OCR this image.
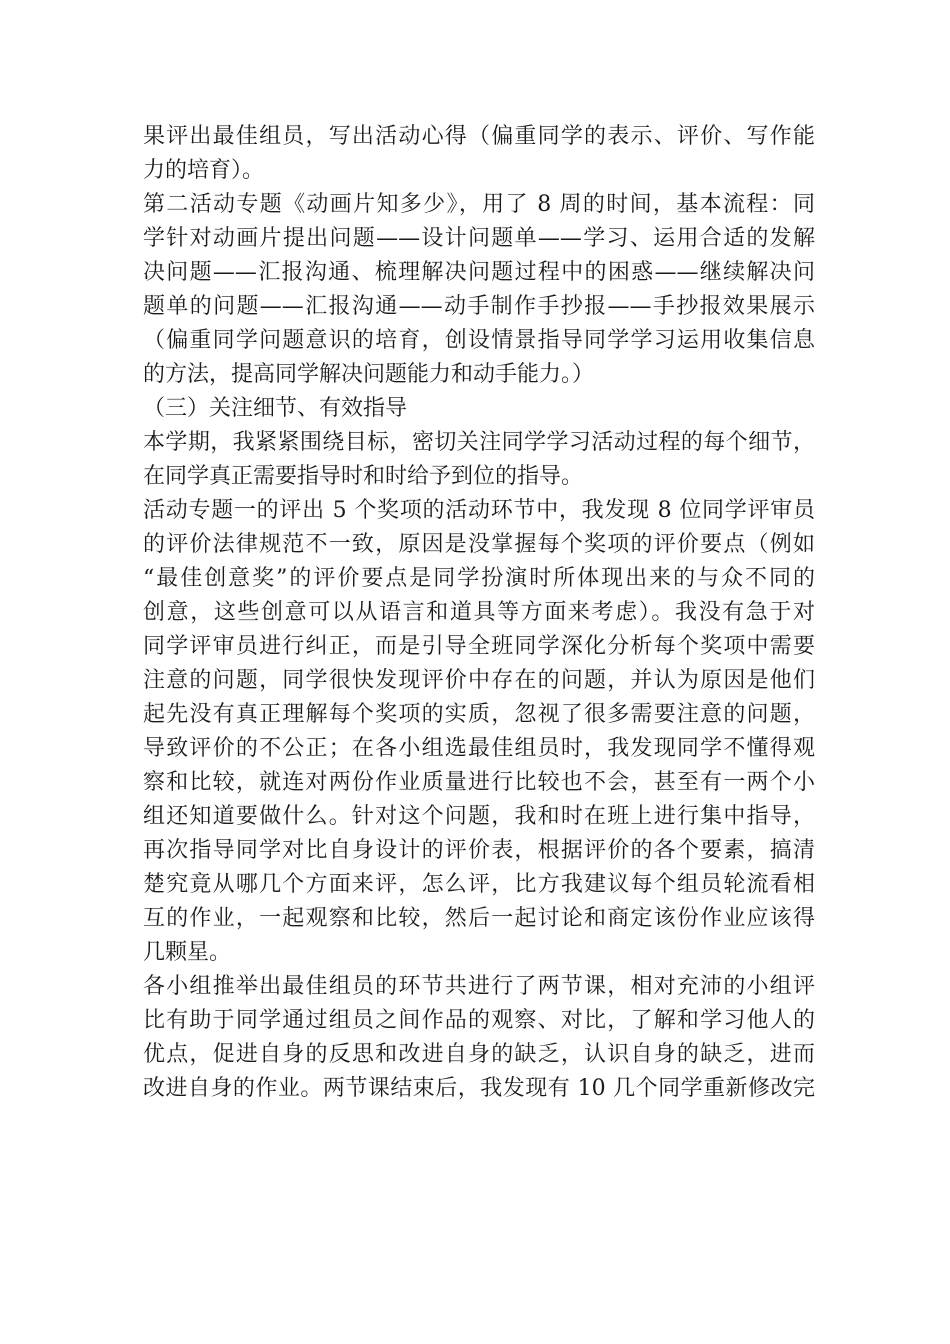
果评出最佳组员，写出活动心得（偏重同学的表示、评价、写作能
力的培育）。
第二活动专题《动画片知多少》，用了 8 周的时间，基本流程：同
学针对动画片提出问题——设计问题单——学习、运用合适的发解
决问题——汇报沟通、梳理解决问题过程中的困惑——继续解决问
题单的问题——汇报沟通——动手制作手抄报——手抄报效果展示
（偏重同学问题意识的培育，创设情景指导同学学习运用收集信息
的方法，提高同学解决问题能力和动手能力。）
（三）关注细节、有效指导
本学期，我紧紧围绕目标，密切关注同学学习活动过程的每个细节，
在同学真正需要指导时和时给予到位的指导。
活动专题一的评出 5 个奖项的活动环节中，我发现 8 位同学评审员
的评价法律规范不一致，原因是没掌握每个奖项的评价要点（例如
“最佳创意奖”的评价要点是同学扮演时所体现出来的与众不同的
创意，这些创意可以从语言和道具等方面来考虑）。我没有急于对
同学评审员进行纠正，而是引导全班同学深化分析每个奖项中需要
注意的问题，同学很快发现评价中存在的问题，并认为原因是他们
起先没有真正理解每个奖项的实质，忽视了很多需要注意的问题，
导致评价的不公正；在各小组选最佳组员时，我发现同学不懂得观
察和比较，就连对两份作业质量进行比较也不会，甚至有一两个小
组还知道要做什么。针对这个问题，我和时在班上进行集中指导，
再次指导同学对比自身设计的评价表，根据评价的各个要素，搞清
楚究竟从哪几个方面来评，怎么评，比方我建议每个组员轮流看相
互的作业，一起观察和比较，然后一起讨论和商定该份作业应该得
几颗星。
各小组推举出最佳组员的环节共进行了两节课，相对充沛的小组评
比有助于同学通过组员之间作品的观察、对比，了解和学习他人的
优点，促进自身的反思和改进自身的缺乏，认识自身的缺乏，进而
改进自身的作业。两节课结束后，我发现有 10 几个同学重新修改完
